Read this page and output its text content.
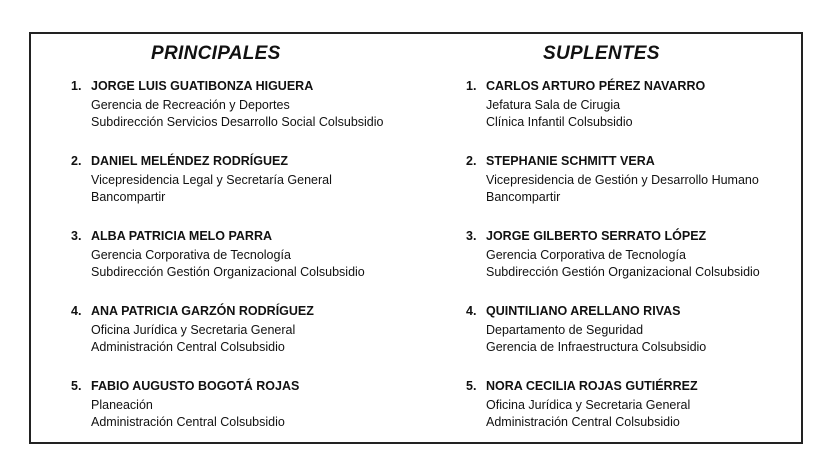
PRINCIPALES
1. JORGE LUIS GUATIBONZA HIGUERA
Gerencia de Recreación y Deportes
Subdirección Servicios Desarrollo Social Colsubsidio
2. DANIEL MELÉNDEZ RODRÍGUEZ
Vicepresidencia Legal y Secretaría General
Bancompartir
3. ALBA PATRICIA MELO PARRA
Gerencia Corporativa de Tecnología
Subdirección Gestión Organizacional Colsubsidio
4. ANA PATRICIA GARZÓN RODRÍGUEZ
Oficina Jurídica y Secretaria General
Administración Central Colsubsidio
5. FABIO AUGUSTO BOGOTÁ ROJAS
Planeación
Administración Central Colsubsidio
SUPLENTES
1. CARLOS ARTURO PÉREZ NAVARRO
Jefatura Sala de Cirugia
Clínica Infantil Colsubsidio
2. STEPHANIE SCHMITT VERA
Vicepresidencia de Gestión y Desarrollo Humano
Bancompartir
3. JORGE GILBERTO SERRATO LÓPEZ
Gerencia Corporativa de Tecnología
Subdirección Gestión Organizacional Colsubsidio
4. QUINTILIANO ARELLANO RIVAS
Departamento de Seguridad
Gerencia de Infraestructura Colsubsidio
5. NORA CECILIA ROJAS GUTIÉRREZ
Oficina Jurídica y Secretaria General
Administración Central Colsubsidio
